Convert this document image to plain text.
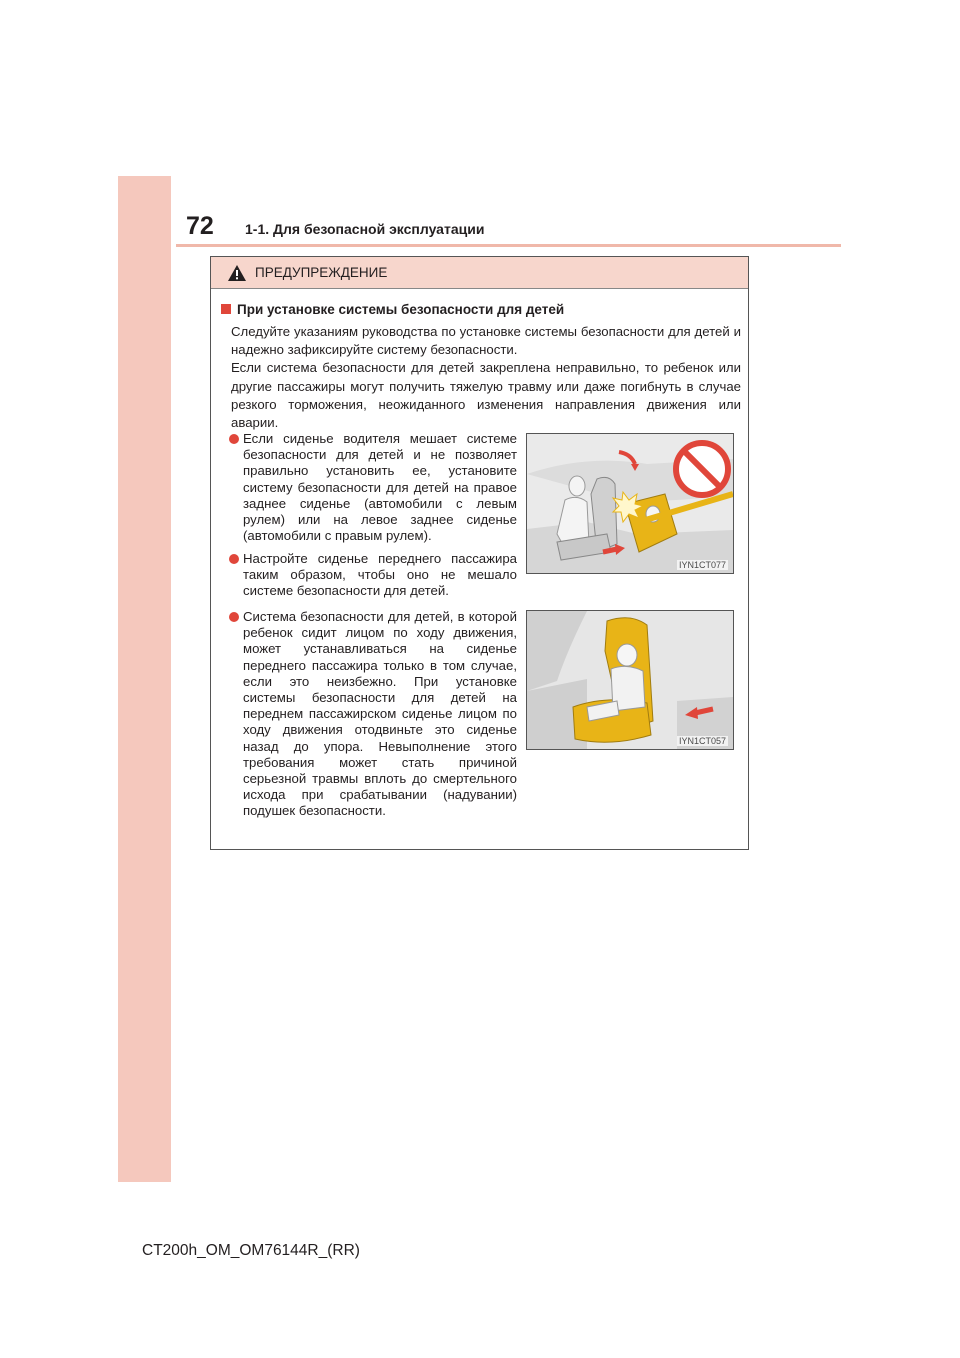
72 1-1. Для безопасной эксплуатации
ПРЕДУПРЕЖДЕНИЕ
При установке системы безопасности для детей
Следуйте указаниям руководства по установке системы безопасности для детей и надежно зафиксируйте систему безопасности.
Если система безопасности для детей закреплена неправильно, то ребенок или другие пассажиры могут получить тяжелую травму или даже погибнуть в случае резкого торможения, неожиданного изменения направления движения или аварии.
Если сиденье водителя мешает системе безопасности для детей и не позволяет правильно установить ее, установите систему безопасности для детей на правое заднее сиденье (автомобили с левым рулем) или на левое заднее сиденье (автомобили с правым рулем).
Настройте сиденье переднего пассажира таким образом, чтобы оно не мешало системе безопасности для детей.
Система безопасности для детей, в которой ребенок сидит лицом по ходу движения, может устанавливаться на сиденье переднего пассажира только в том случае, если это неизбежно. При установке системы безопасности для детей на переднем пассажирском сиденье лицом по ходу движения отодвиньте это сиденье назад до упора. Невыполнение этого требования может стать причиной серьезной травмы вплоть до смертельного исхода при срабатывании (надувании) подушек безопасности.
IYN1CT077
IYN1CT057
CT200h_OM_OM76144R_(RR)
